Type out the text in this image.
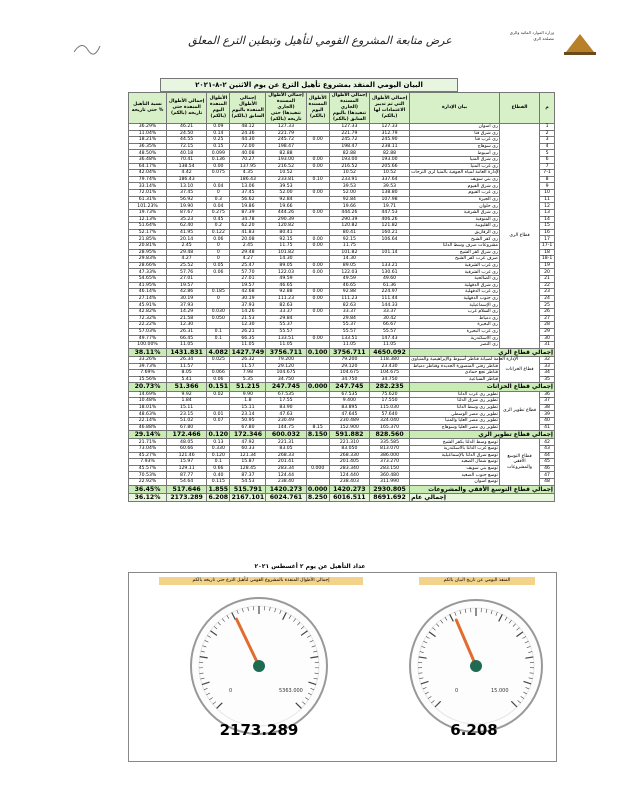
وزارة الموارد المائية والري
مصلحة الري
عرض متابعة المشروع القومي لتأهيل وتبطين الترع المعلق
البيان اليومي المنفذ بمشروع تأهيل الترع عن يوم الاثنين ٢-٨-٢٠٢١
نسبة التأهيل حتى تاريخه %	إجمالي الأطوال المنفذة حتى تاريخه (بالكم)	الأطوال المنفذة اليوم (بالكم)	إجمالي الأطوال المنفذة باليوم السابق (بالكم)	إجمالي الأطوال المسندة (الجاري تنفيذها) حتى تاريخه (بالكم)	الأطوال المسندة اليوم (بالكم)	إجمالي الأطوال المسندة (الجاري تنفيذها) باليوم السابق (بالكم)	إجمالي الأطوال التي تم تدبير الاعتمادات لها (بالكم)	بيان الإدارة	القطاع	م
36.29%	46.21	0.09	48.12	127.33		127.33	127.33	ري اسوان	قطاع الري	1
11.04%	24.50	0.14	24.36	221.79		221.79	312.79	ري شرق قنا		2
18.21%	44.55	0.25	44.30	245.72	0.00	245.72	245.90	ري غرب قنا		3
36.35%	72.15	0.15	72.00	198.47		198.47	238.11	ري سوهاج		4
48.50%	40.18	0.099	40.08	82.88		82.88	82.88	ري أسيوط		5
36.48%	70.41	0.136	70.27	193.00	0.00	193.00	193.00	ري شرق المنيا		6
64.17%	138.54	0.00	137.95	216.52	0.00	216.52	205.66	ري غرب المنيا		7
42.04%	4.42	0.075	4.35	10.52		10.52	10.52	الإدارة العامة لمياه الجوفية بالمنيا لري النزحات		7-1
79.74%	186.43		186.43	233.81	0.10	233.91	337.64	ري بني سويف		8
33.14%	13.10	0.04	13.06	39.53		39.53	39.53	ري شرق الفيوم		9
72.01%	37.45	0	37.45	52.00	0.00	52.00	138.80	ري غرب الفيوم		10
61.31%	56.92	0.3	56.62	92.84		92.84	107.98	ري الجيزة		11
101.23%	19.90	0.04	19.86	19.66		19.66	19.71	ري حلوان		12
19.73%	87.67	0.275	87.39	444.26	0.00	444.26	447.53	ري شرق الشرقية		13
12.13%	35.23	0.45	34.78	290.39		290.39	406.26	ري المنوفية		14
51.64%	62.40	0.2	62.20	120.82		120.82	121.82	ري القليوبية		15
52.17%	41.95	0.122	41.83	80.41		80.41	160.21	ري الزقازيق		16
21.85%	20.14	0.06	20.08	92.15	0.00	92.15	106.64	ري كفر الشيخ		17
20.81%	2.45	0	2.45	11.75	0.00	11.75		مشروعات صرف وسط الدلتا		17-1
28.95%	29.48	0	29.48	101.82		101.82	101.14	ري شرق كفر الشيخ		18
29.83%	4.27	0	4.27	14.30		14.30		صرف غرب كفر الشيخ		18-1
28.66%	25.52	0.05	25.47	89.05	0.00	89.05	133.21	ري غرب الشرقية		19
47.33%	57.76	0.06	57.70	122.03	0.00	122.03	130.61	ري غرب الشرقية		20
54.65%	27.01		27.01	49.59		49.59	49.60	ري الصالحية		21
41.95%	19.57		19.57	46.65		46.65	61.36	ري شرق الدقهلية		22
46.14%	42.86	0.185	42.68	92.88	0.00	92.88	224.97	ري غرب الدقهلية		23
27.14%	30.19	0	30.19	111.23	0.00	111.23	111.44	ري جنوب الدقهلية		24
45.91%	37.93		37.93	82.63		82.63	144.33	ري الإسماعيلية		25
42.82%	14.29	0.030	14.26	33.37	0.00	33.37	33.37	ري السلام غرب		26
72.32%	21.58	0.050	21.53	29.84		29.84	30.42	ري دمياط		27
22.22%	12.30		12.30	55.37		55.37	66.67	ري البحيرة		28
57.03%	26.31	0.1	26.21	55.57		55.57	55.57	ري غرب البحيرة		29
49.77%	66.45	0.1	66.35	133.51	0.00	133.51	147.43	ري الاسكندرية		30
100.00%	11.05		11.05	11.05		11.05	11.05	ري النصر		31
38.11%	1431.831	4.082	1427.749	3756.711	0.100	3756.711	4650.092	إجمالي قطاع الري		
33.26%	26.34	0.025	26.32	79.200		79.200	118.380	الإدارة العامة لصيانة قناطر أسيوط والإبراهيمية والمنياوي	قطاع الخزانات	32
39.73%	11.57		11.57	29.120		29.120	23.430	قناطر زفتى المنصورة الجديدة وقناطر دمياط		33
7.69%	8.05	0.066	7.98	104.675		104.675	104.675	قناطر نجع حمادي		34
15.56%	5.41	0.06	5.35	34.750		34.750	34.750	قناطر السباعية		35
20.73%	51.366	0.151	51.215	247.745	0.000	247.745	282.235	إجمالي قطاع الخزانات		
14.69%	9.92	0.02	9.90	67.535		67.535	75.620	تطوير ري غرب الدلتا	قطاع تطوير الري	36
10.48%	1.84		1.8	17.55		9.400	17.550	تطوير ري شرق الدلتا		37
18.01%	15.11		15.11	83.90		83.895	115.030	تطوير ري وسط الدلتا		38
48.63%	23.15	0.01	23.14	47.63		47.645	57.640	تطوير ري مصر الوسطى		39
22.14%	51.02	0.07	50.95	230.49		230.489	324.040	تطوير ري مصر العليا والمنيا		40
46.88%	67.80		67.80	144.75	8.15	152.900	165.370	تطوير ري مصر العليا وسوهاج		41
29.14%	172.466	0.120	172.346	600.032	8.150	591.882	828.560	إجمالي قطاع تطوير الري		
21.71%	48.05	0.13	47.92	221.31		221.310	335.585	توسع وسط الدلتا بكفر الشيخ	قطاع التوسع الأفقي والمشروعات	42
73.04%	60.66	0.330	60.33	83.05		83.050	813.070	توسع غرب الدلتا بالاسكندرية		43
45.27%	121.46	0.120	121.34	268.33		268.330	386.000	توسع شرق الدلتا بالإسماعيلية		44
7.93%	15.97	0.1	15.87	201.41		201.405	373.270	توسع شمال الصعيد		45
45.57%	129.11	0.66	128.45	283.34	0.000	283.340	283.150	توسع بني سويف		46
70.53%	87.77	0.40	87.37	124.44		124.440	360.480	توسع جنوب الصعيد		47
22.92%	54.64	0.115	54.53	238.40		238.403	311.990	توسع أسوان		48
36.45%	517.646	1.855	515.791	1420.273	0.000	1420.273	2930.805	إجمالي قطاع التوسع الأفقي والمشروعات		
36.12%	2173.289	6.208	2167.101	6024.761	8.250	6016.511	8691.692	إجمالي عام		
عداد التأهيل عن يوم ٢ أغسطس ٢٠٢١
إجمالي الأطوال المنفذة بالمشروع القومي لتأهيل الترع حتى تاريخه بالكم
0	5363.000
2173.289
المنفذ اليومي عن تاريخ البيان بالكم
0	15.000
6.208
